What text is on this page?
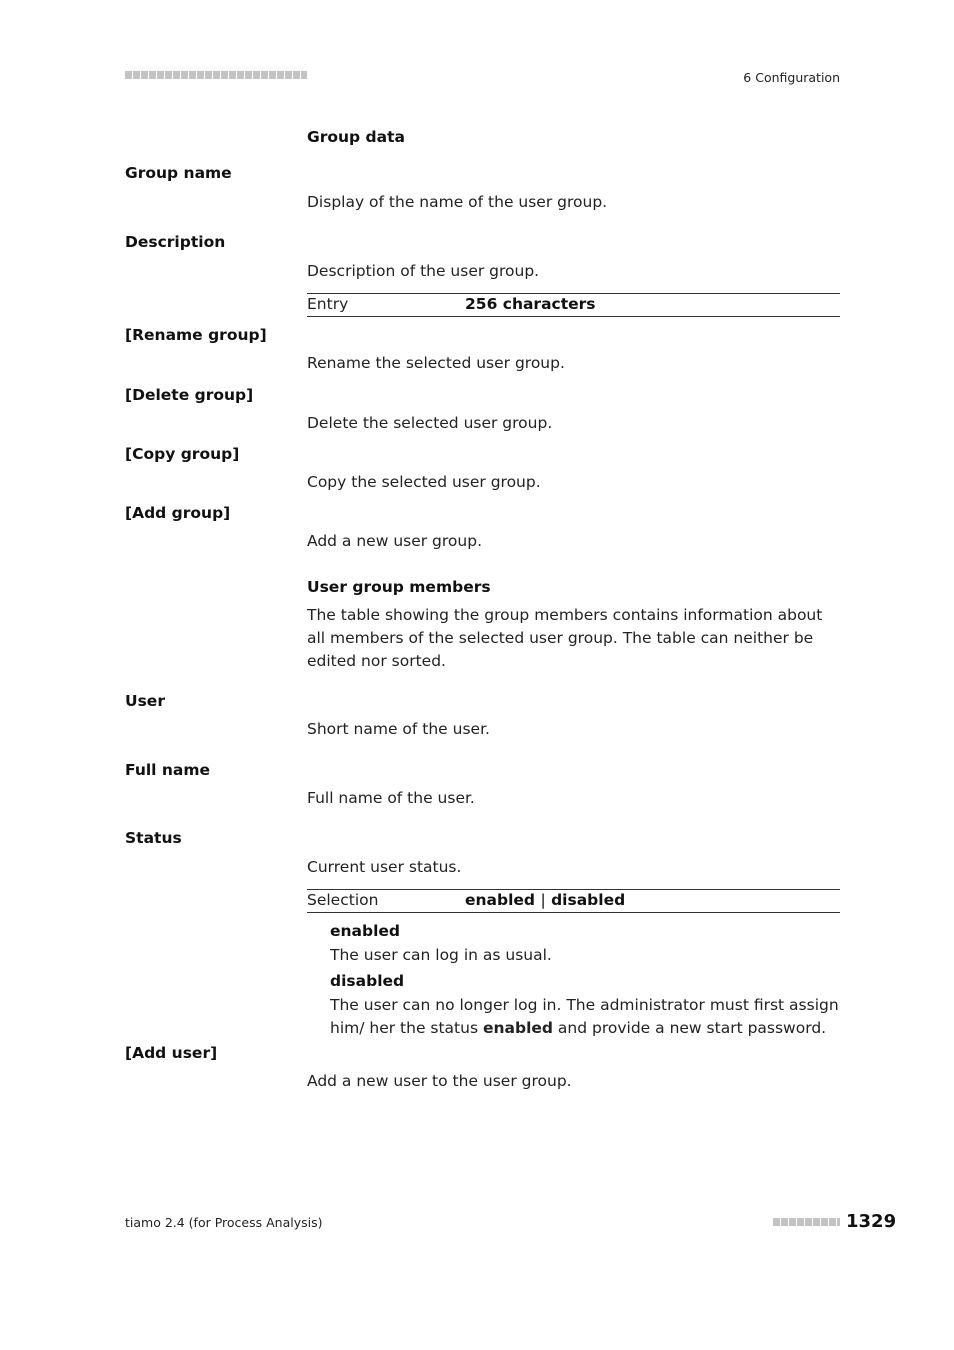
6 Configuration
Group data
Group name
Display of the name of the user group.
Description
Description of the user group.
Entry	256 characters
[Rename group]
Rename the selected user group.
[Delete group]
Delete the selected user group.
[Copy group]
Copy the selected user group.
[Add group]
Add a new user group.
User group members
The table showing the group members contains information about all members of the selected user group. The table can neither be edited nor sorted.
User
Short name of the user.
Full name
Full name of the user.
Status
Current user status.
Selection	enabled | disabled
enabled
The user can log in as usual.
disabled
The user can no longer log in. The administrator must first assign him/ her the status enabled and provide a new start password.
[Add user]
Add a new user to the user group.
tiamo 2.4 (for Process Analysis)	1329
